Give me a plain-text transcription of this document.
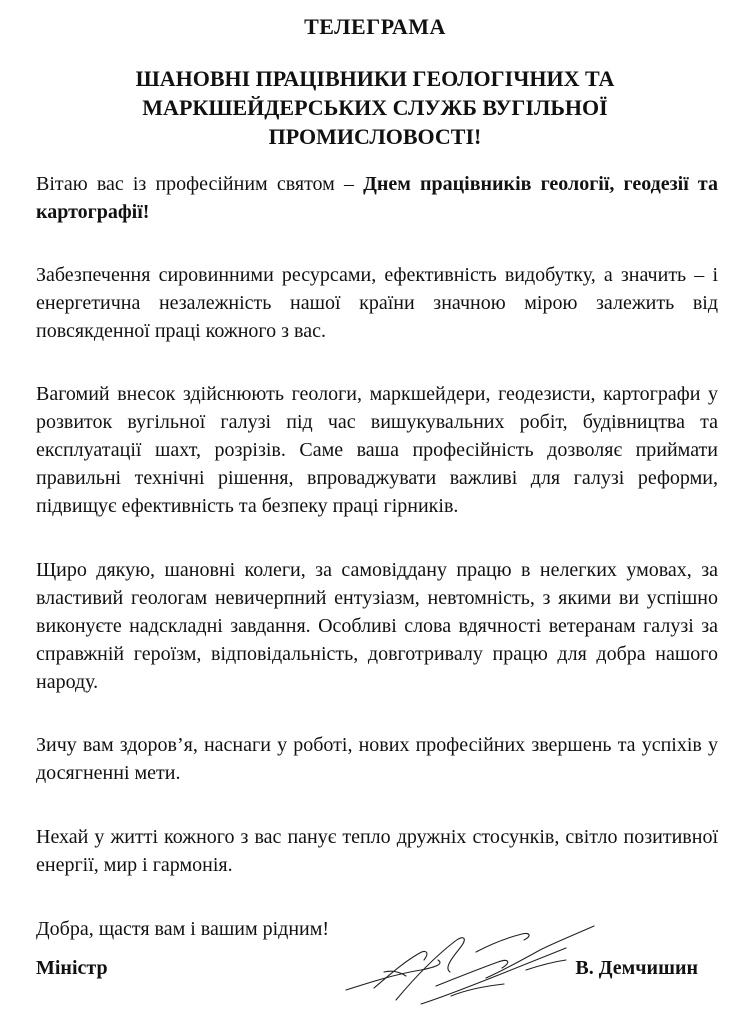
ТЕЛЕГРАМА
ШАНОВНІ ПРАЦІВНИКИ ГЕОЛОГІЧНИХ ТА
МАРКШЕЙДЕРСЬКИХ СЛУЖБ ВУГІЛЬНОЇ
ПРОМИСЛОВОСТІ!

Вітаю вас із професійним святом – Днем працівників геології, геодезії та картографії!

Забезпечення сировинними ресурсами, ефективність видобутку, а значить – і енергетична незалежність нашої країни значною мірою залежить від повсякденної праці кожного з вас.

Вагомий внесок здійснюють геологи, маркшейдери, геодезисти, картографи у розвиток вугільної галузі під час вишукувальних робіт, будівництва та експлуатації шахт, розрізів. Саме ваша професійність дозволяє приймати правильні технічні рішення, впроваджувати важливі для галузі реформи, підвищує ефективність та безпеку праці гірників.

Щиро дякую, шановні колеги, за самовіддану працю в нелегких умовах, за властивий геологам невичерпний ентузіазм, невтомність, з якими ви успішно виконуєте надскладні завдання. Особливі слова вдячності ветеранам галузі за справжній героїзм, відповідальність, довготривалу працю для добра нашого народу.

Зичу вам здоров’я, наснаги у роботі, нових професійних звершень та успіхів у досягненні мети.

Нехай у житті кожного з вас панує тепло дружніх стосунків, світло позитивної енергії, мир і гармонія.

Добра, щастя вам і вашим рідним!

Міністр	В. Демчишин
